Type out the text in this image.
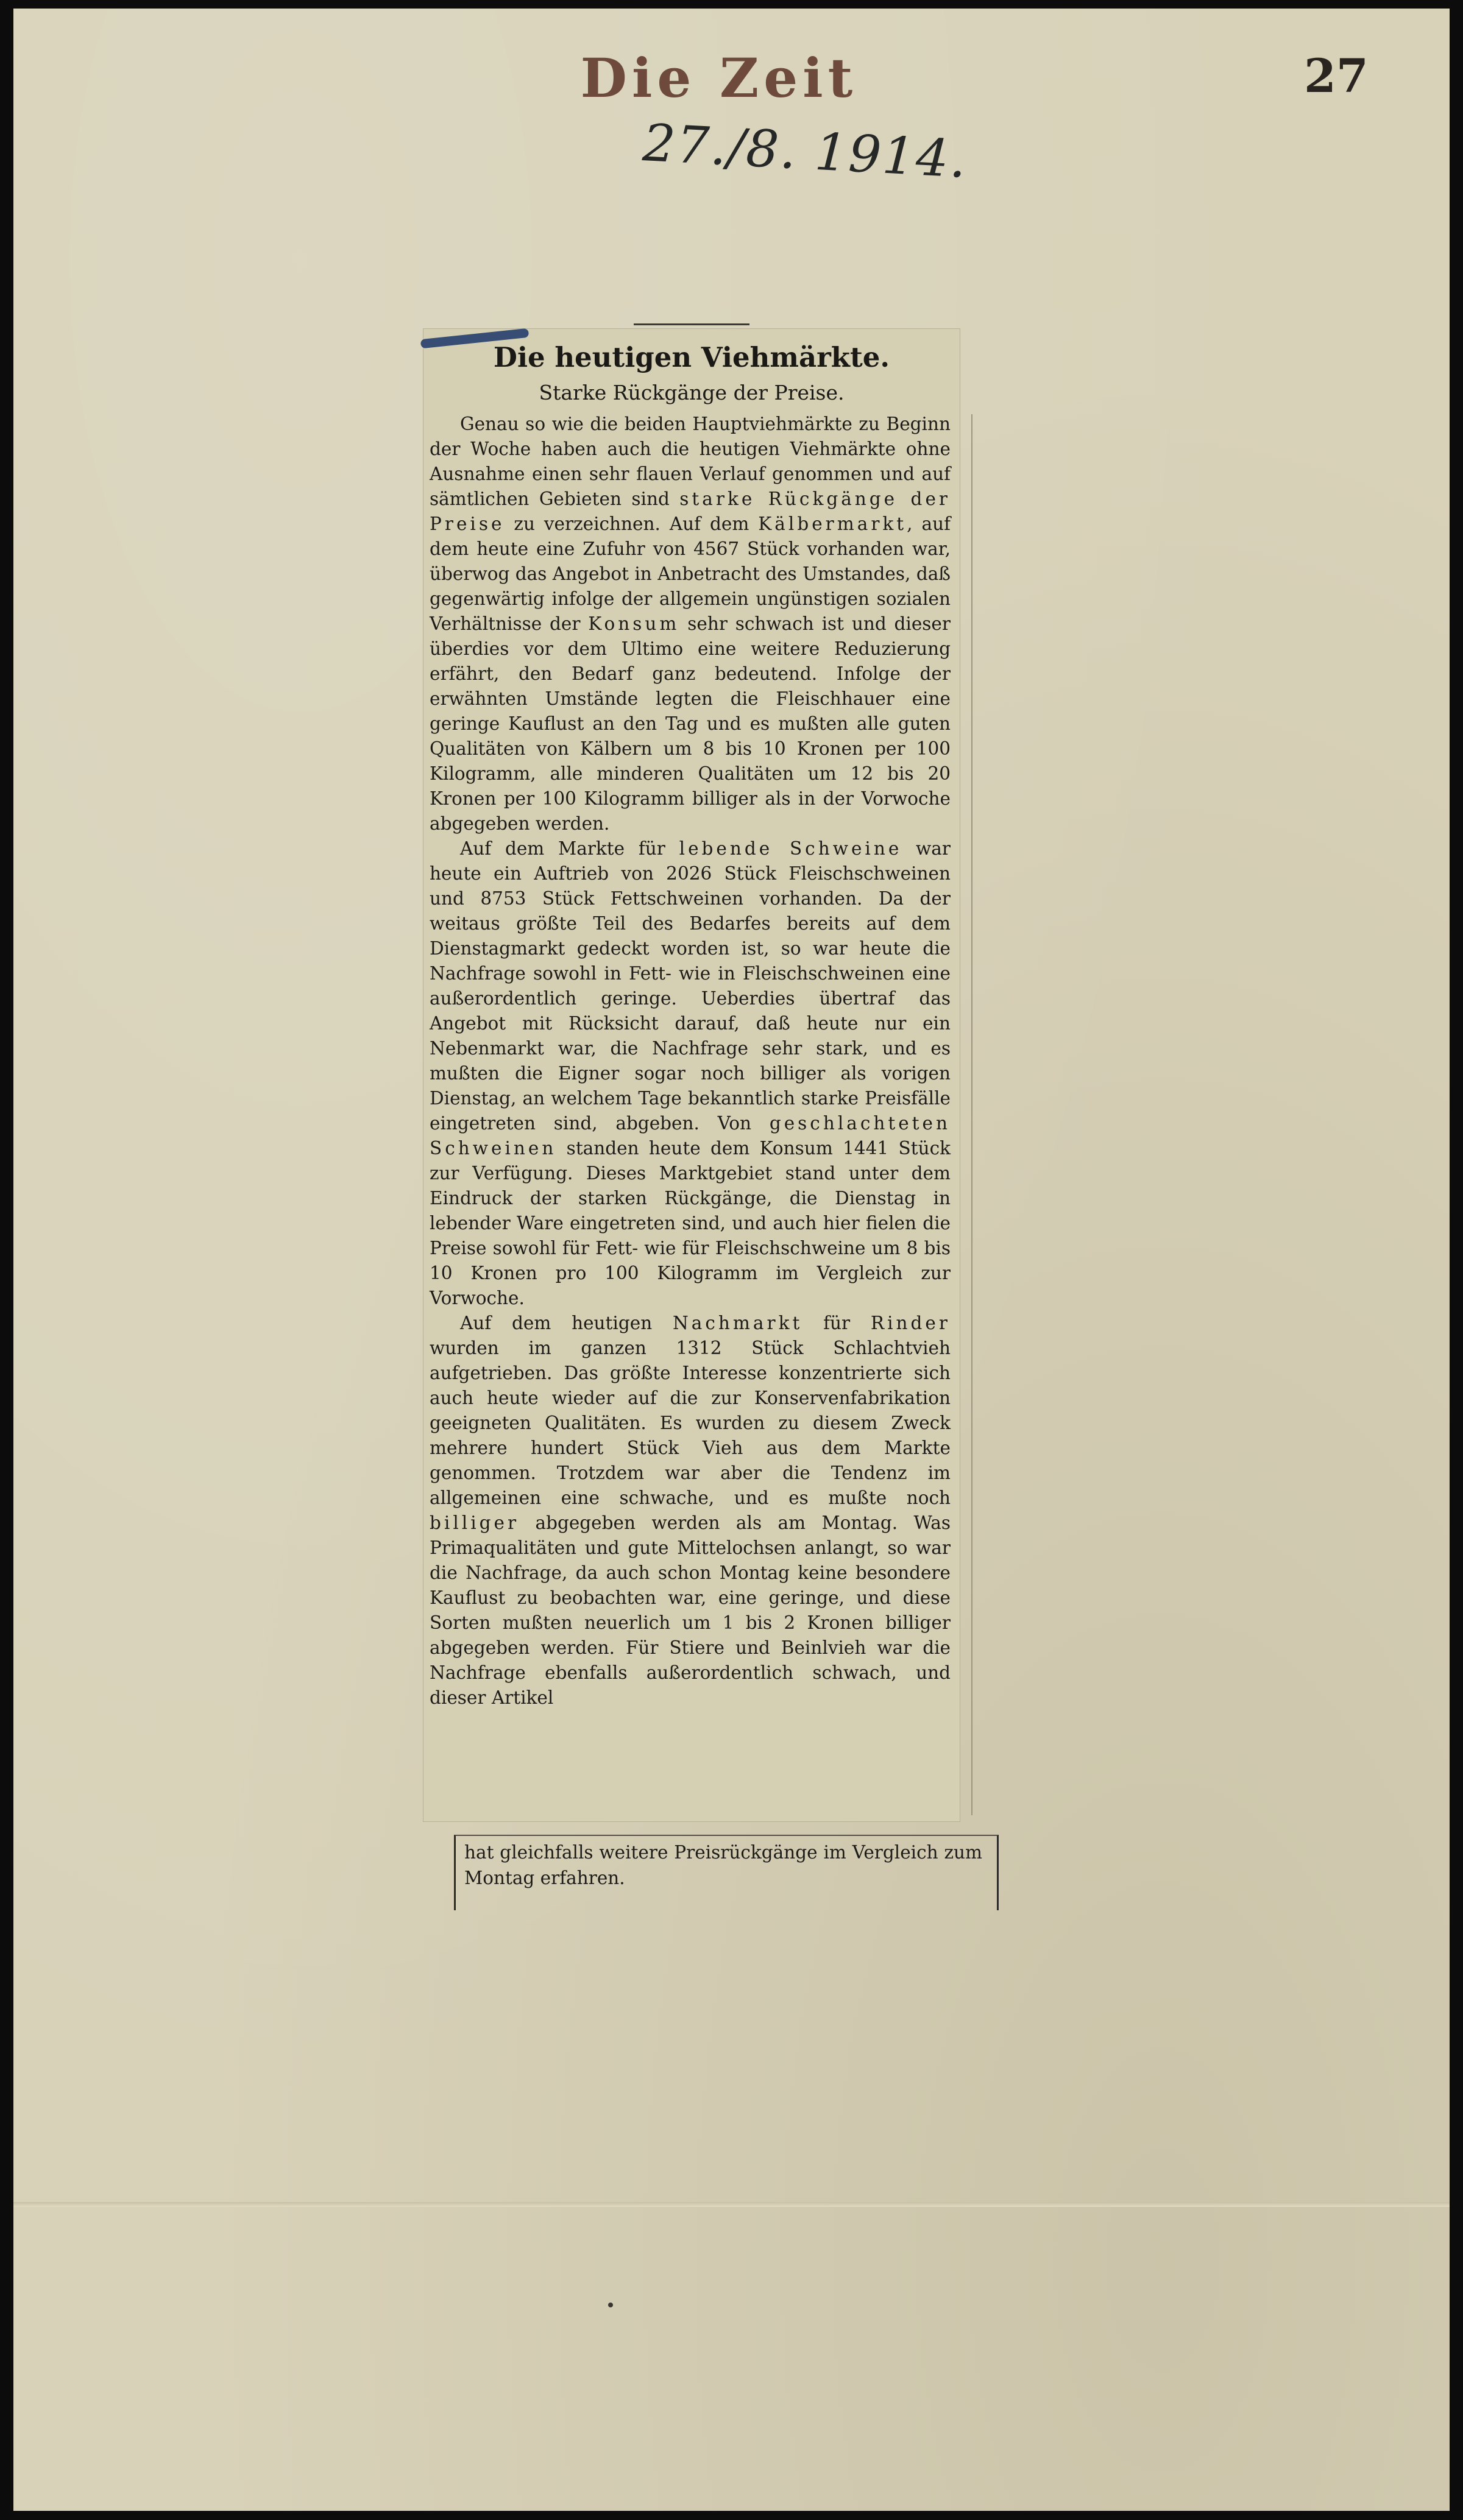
Die Zeit	27
27./8. 1914.
Die heutigen Viehmärkte.
Starke Rückgänge der Preise.

Genau so wie die beiden Hauptviehmärkte zu Beginn der Woche haben auch die heutigen Viehmärkte ohne Ausnahme einen sehr flauen Verlauf genommen und auf sämtlichen Gebieten sind starke Rückgänge der Preise zu verzeichnen. Auf dem Kälbermarkt, auf dem heute eine Zufuhr von 4567 Stück vorhanden war, überwog das Angebot in Anbetracht des Umstandes, daß gegenwärtig infolge der allgemein ungünstigen sozialen Verhältnisse der Konsum sehr schwach ist und dieser überdies vor dem Ultimo eine weitere Reduzierung erfährt, den Bedarf ganz bedeutend. Infolge der erwähnten Umstände legten die Fleischhauer eine geringe Kauflust an den Tag und es mußten alle guten Qualitäten von Kälbern um 8 bis 10 Kronen per 100 Kilogramm, alle minderen Qualitäten um 12 bis 20 Kronen per 100 Kilogramm billiger als in der Vorwoche abgegeben werden.

Auf dem Markte für lebende Schweine war heute ein Auftrieb von 2026 Stück Fleischschweinen und 8753 Stück Fettschweinen vorhanden. Da der weitaus größte Teil des Bedarfes bereits auf dem Dienstagmarkt gedeckt worden ist, so war heute die Nachfrage sowohl in Fett- wie in Fleischschweinen eine außerordentlich geringe. Ueberdies übertraf das Angebot mit Rücksicht darauf, daß heute nur ein Nebenmarkt war, die Nachfrage sehr stark, und es mußten die Eigner sogar noch billiger als vorigen Dienstag, an welchem Tage bekanntlich starke Preisfälle eingetreten sind, abgeben. Von geschlachteten Schweinen standen heute dem Konsum 1441 Stück zur Verfügung. Dieses Marktgebiet stand unter dem Eindruck der starken Rückgänge, die Dienstag in lebender Ware eingetreten sind, und auch hier fielen die Preise sowohl für Fett- wie für Fleischschweine um 8 bis 10 Kronen pro 100 Kilogramm im Vergleich zur Vorwoche.

Auf dem heutigen Nachmarkt für Rinder wurden im ganzen 1312 Stück Schlachtvieh aufgetrieben. Das größte Interesse konzentrierte sich auch heute wieder auf die zur Konservenfabrikation geeigneten Qualitäten. Es wurden zu diesem Zweck mehrere hundert Stück Vieh aus dem Markte genommen. Trotzdem war aber die Tendenz im allgemeinen eine schwache, und es mußte noch billiger abgegeben werden als am Montag. Was Primaqualitäten und gute Mittelochsen anlangt, so war die Nachfrage, da auch schon Montag keine besondere Kauflust zu beobachten war, eine geringe, und diese Sorten mußten neuerlich um 1 bis 2 Kronen billiger abgegeben werden. Für Stiere und Beinlvieh war die Nachfrage ebenfalls außerordentlich schwach, und dieser Artikel

hat gleichfalls weitere Preisrückgänge im Vergleich zum Montag erfahren.
